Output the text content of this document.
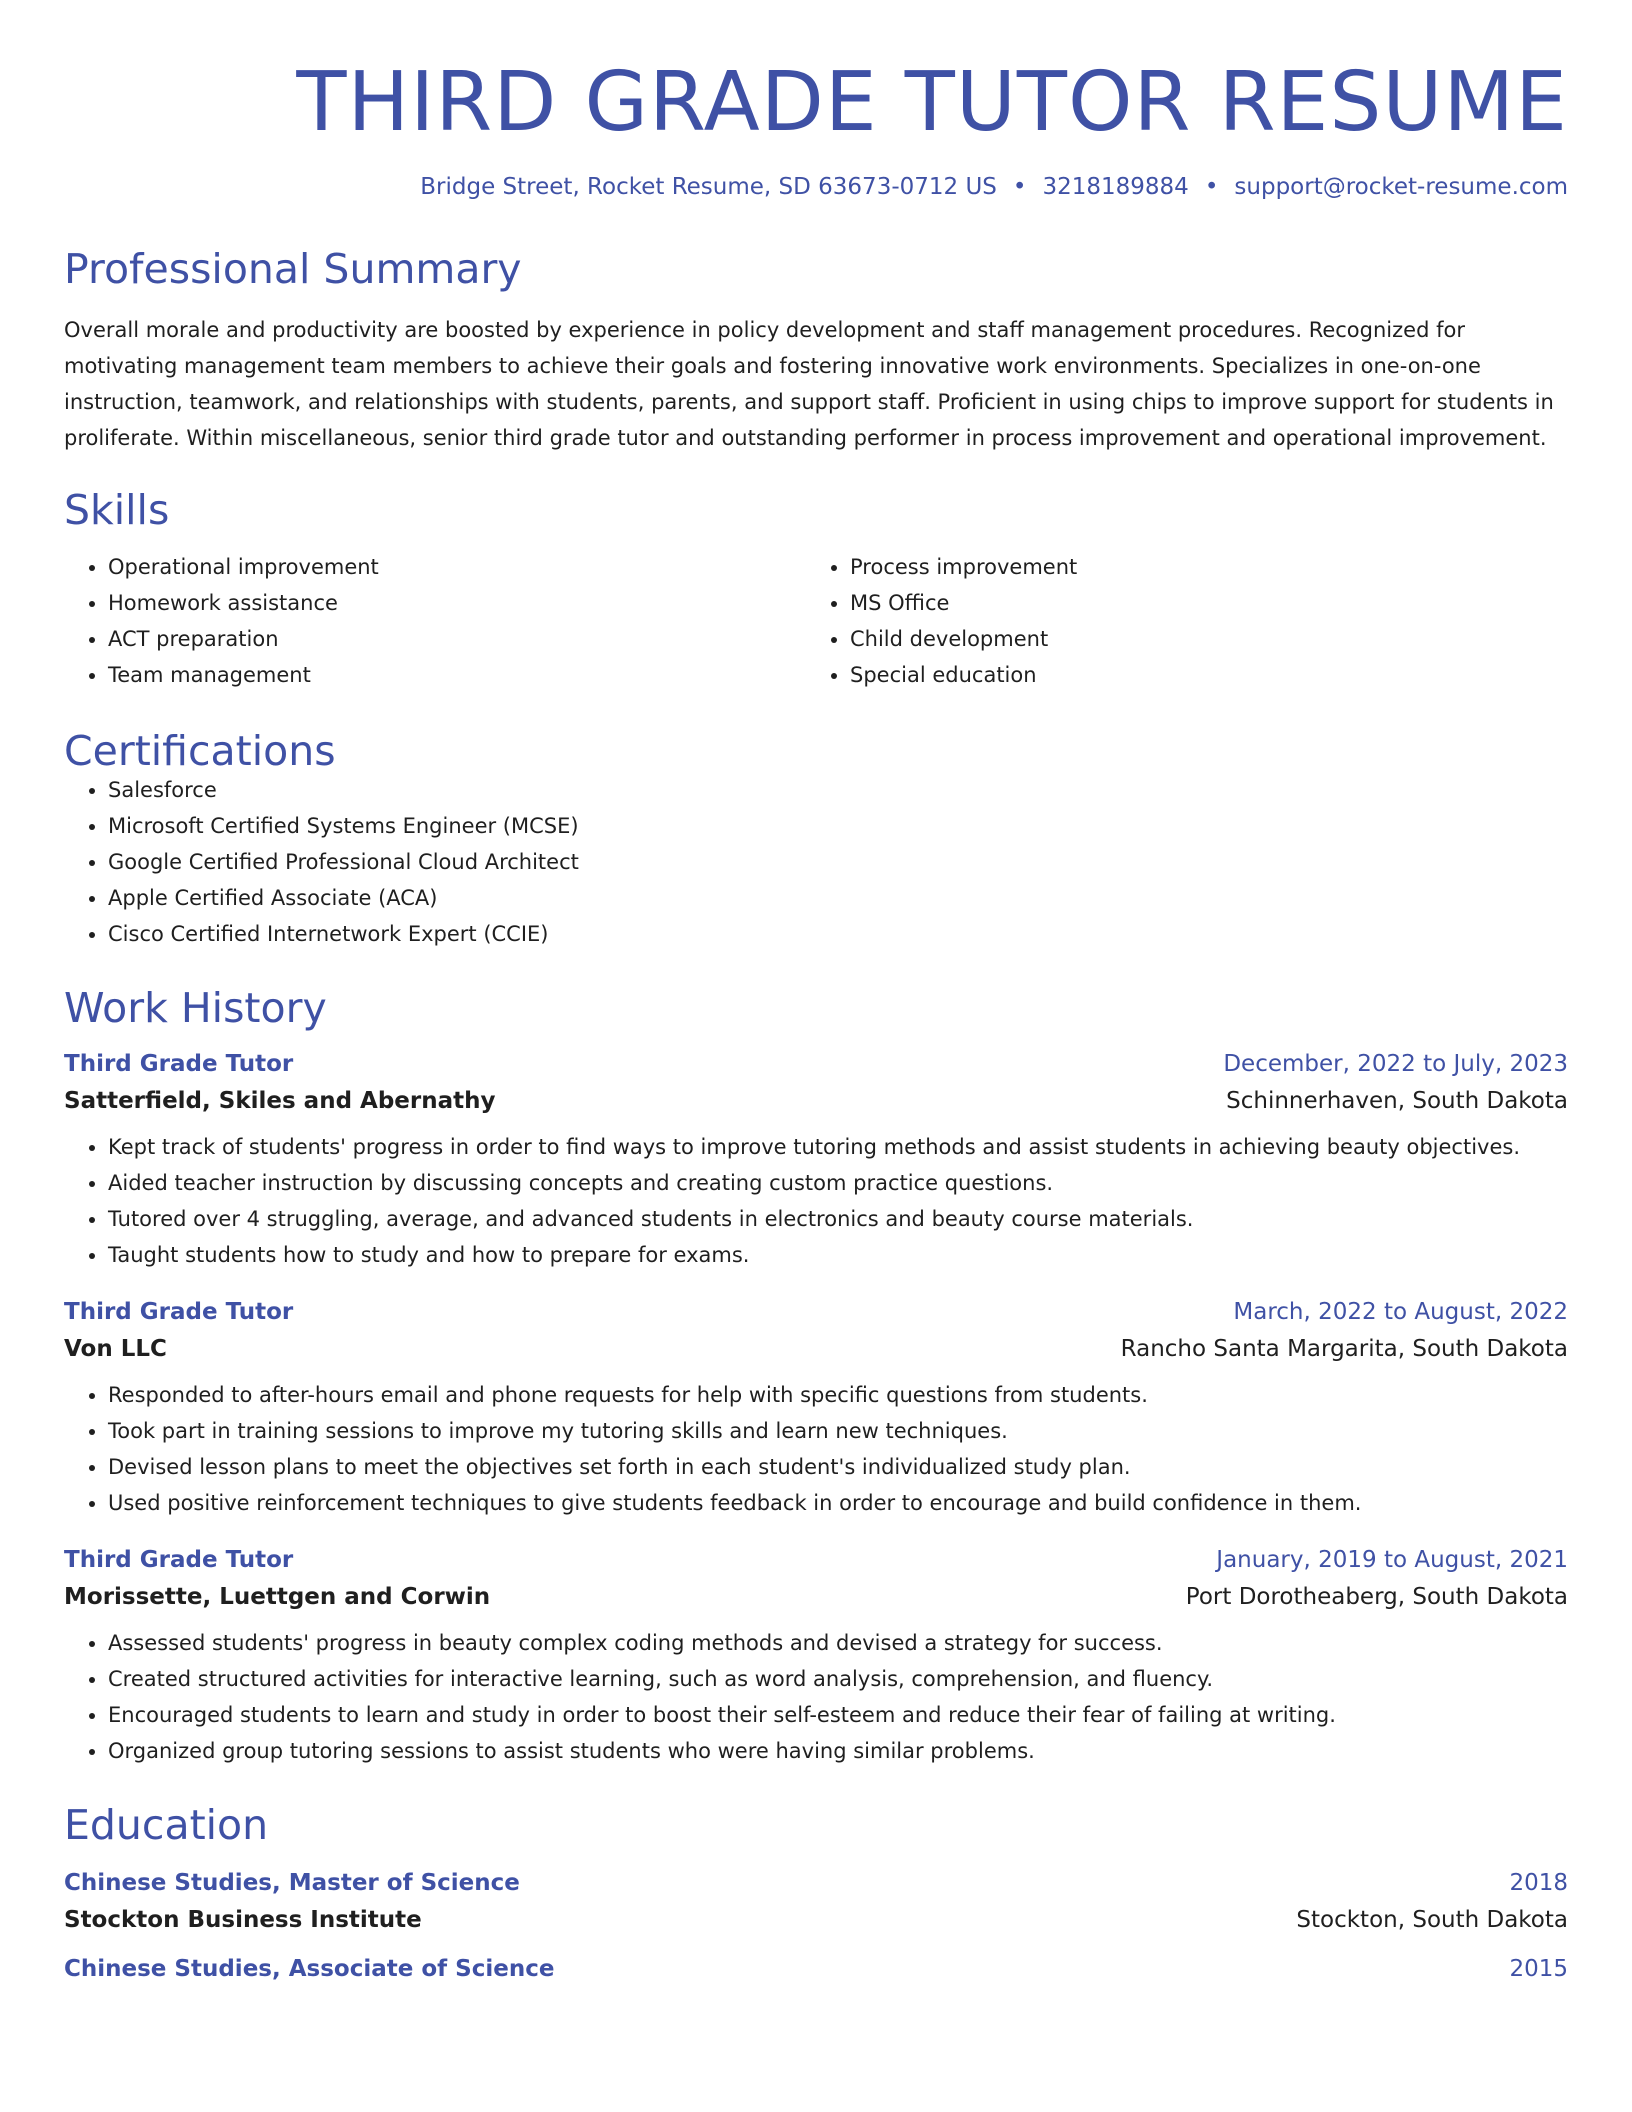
THIRD GRADE TUTOR RESUME
Bridge Street, Rocket Resume, SD 63673-0712 US • 3218189884 • support@rocket-resume.com
Professional Summary
Overall morale and productivity are boosted by experience in policy development and staff management procedures. Recognized for motivating management team members to achieve their goals and fostering innovative work environments. Specializes in one-on-one instruction, teamwork, and relationships with students, parents, and support staff. Proficient in using chips to improve support for students in proliferate. Within miscellaneous, senior third grade tutor and outstanding performer in process improvement and operational improvement.
Skills
• Operational improvement
• Homework assistance
• ACT preparation
• Team management
• Process improvement
• MS Office
• Child development
• Special education
Certifications
• Salesforce
• Microsoft Certified Systems Engineer (MCSE)
• Google Certified Professional Cloud Architect
• Apple Certified Associate (ACA)
• Cisco Certified Internetwork Expert (CCIE)
Work History
Third Grade Tutor	December, 2022 to July, 2023
Satterfield, Skiles and Abernathy	Schinnerhaven, South Dakota
• Kept track of students' progress in order to find ways to improve tutoring methods and assist students in achieving beauty objectives.
• Aided teacher instruction by discussing concepts and creating custom practice questions.
• Tutored over 4 struggling, average, and advanced students in electronics and beauty course materials.
• Taught students how to study and how to prepare for exams.
Third Grade Tutor	March, 2022 to August, 2022
Von LLC	Rancho Santa Margarita, South Dakota
• Responded to after-hours email and phone requests for help with specific questions from students.
• Took part in training sessions to improve my tutoring skills and learn new techniques.
• Devised lesson plans to meet the objectives set forth in each student's individualized study plan.
• Used positive reinforcement techniques to give students feedback in order to encourage and build confidence in them.
Third Grade Tutor	January, 2019 to August, 2021
Morissette, Luettgen and Corwin	Port Dorotheaberg, South Dakota
• Assessed students' progress in beauty complex coding methods and devised a strategy for success.
• Created structured activities for interactive learning, such as word analysis, comprehension, and fluency.
• Encouraged students to learn and study in order to boost their self-esteem and reduce their fear of failing at writing.
• Organized group tutoring sessions to assist students who were having similar problems.
Education
Chinese Studies, Master of Science	2018
Stockton Business Institute	Stockton, South Dakota
Chinese Studies, Associate of Science	2015
